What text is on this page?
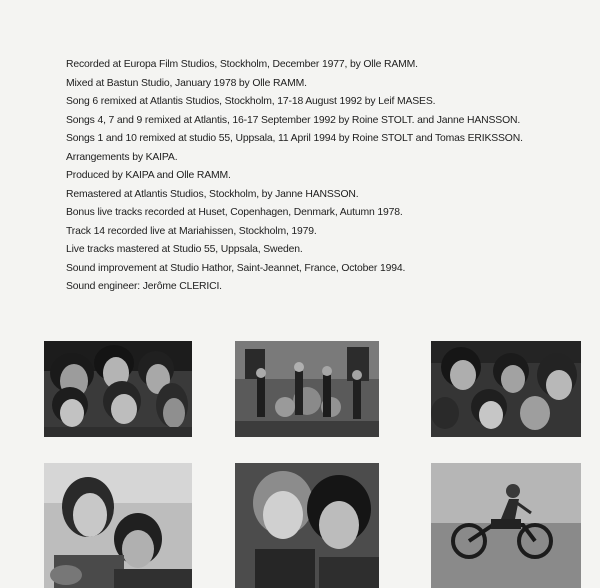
Recorded at Europa Film Studios, Stockholm, December 1977, by Olle RAMM.
Mixed at Bastun Studio, January 1978 by Olle RAMM.
Song 6 remixed at Atlantis Studios, Stockholm, 17-18 August 1992 by Leif MASES.
Songs 4, 7 and 9 remixed at Atlantis, 16-17 September 1992 by Roine STOLT. and Janne HANSSON.
Songs 1 and 10 remixed at studio 55, Uppsala, 11 April 1994 by Roine STOLT and Tomas ERIKSSON.
Arrangements by KAIPA.
Produced by KAIPA and Olle RAMM.
Remastered at Atlantis Studios, Stockholm, by Janne HANSSON.
Bonus live tracks recorded at Huset, Copenhagen, Denmark, Autumn 1978.
Track 14 recorded live at Mariahissen, Stockholm, 1979.
Live tracks mastered at Studio 55, Uppsala, Sweden.
Sound improvement at Studio Hathor, Saint-Jeannet, France, October 1994.
Sound engineer: Jerôme CLERICI.
